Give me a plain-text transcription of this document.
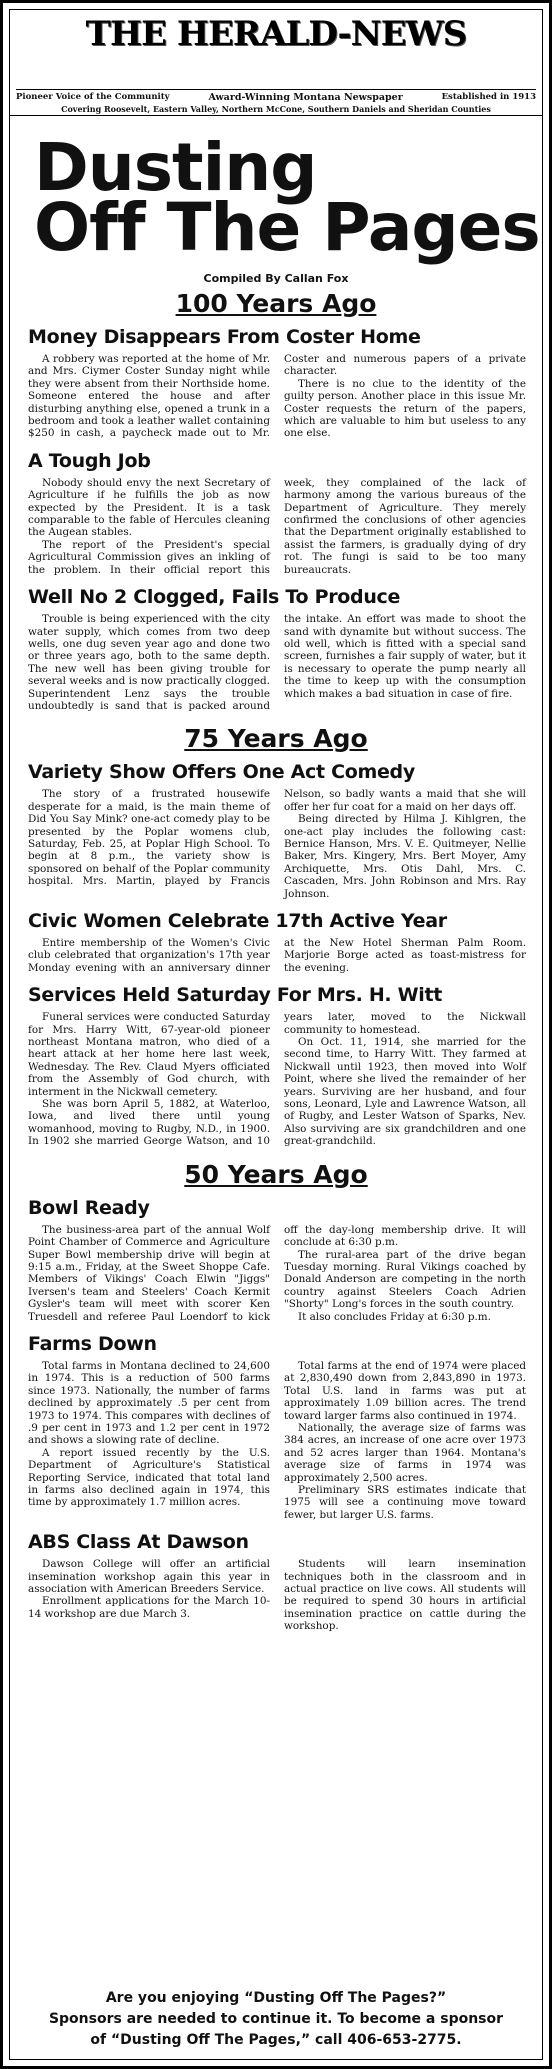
THE HERALD-NEWS
Pioneer Voice of the Community	Award-Winning Montana Newspaper	Established in 1913
Covering Roosevelt, Eastern Valley, Northern McCone, Southern Daniels and Sheridan Counties
Dusting
Off The Pages
Compiled By Callan Fox
100 Years Ago
Money Disappears From Coster Home

A robbery was reported at the home of Mr. and Mrs. Ciymer Coster Sunday night while they were absent from their Northside home. Someone entered the house and after disturbing anything else, opened a trunk in a bedroom and took a leather wallet containing $250 in cash, a paycheck made out to Mr. Coster and numerous papers of a private character.

There is no clue to the identity of the guilty person. Another place in this issue Mr. Coster requests the return of the papers, which are valuable to him but useless to any one else.

A Tough Job

Nobody should envy the next Secretary of Agriculture if he fulfills the job as now expected by the President. It is a task comparable to the fable of Hercules cleaning the Augean stables.

The report of the President's special Agricultural Commission gives an inkling of the problem. In their official report this week, they complained of the lack of harmony among the various bureaus of the Department of Agriculture. They merely confirmed the conclusions of other agencies that the Department originally established to assist the farmers, is gradually dying of dry rot. The fungi is said to be too many bureaucrats.

Well No 2 Clogged, Fails To Produce

Trouble is being experienced with the city water supply, which comes from two deep wells, one dug seven year ago and done two or three years ago, both to the same depth. The new well has been giving trouble for several weeks and is now practically clogged. Superintendent Lenz says the trouble undoubtedly is sand that is packed around the intake. An effort was made to shoot the sand with dynamite but without success. The old well, which is fitted with a special sand screen, furnishes a fair supply of water, but it is necessary to operate the pump nearly all the time to keep up with the consumption which makes a bad situation in case of fire.

75 Years Ago
Variety Show Offers One Act Comedy

The story of a frustrated housewife desperate for a maid, is the main theme of Did You Say Mink? one-act comedy play to be presented by the Poplar womens club, Saturday, Feb. 25, at Poplar High School. To begin at 8 p.m., the variety show is sponsored on behalf of the Poplar community hospital. Mrs. Martin, played by Francis Nelson, so badly wants a maid that she will offer her fur coat for a maid on her days off.

Being directed by Hilma J. Kihlgren, the one-act play includes the following cast: Bernice Hanson, Mrs. V. E. Quitmeyer, Nellie Baker, Mrs. Kingery, Mrs. Bert Moyer, Amy Archiquette, Mrs. Otis Dahl, Mrs. C. Cascaden, Mrs. John Robinson and Mrs. Ray Johnson.

Civic Women Celebrate 17th Active Year

Entire membership of the Women's Civic club celebrated that organization's 17th year Monday evening with an anniversary dinner at the New Hotel Sherman Palm Room. Marjorie Borge acted as toast-mistress for the evening.

Services Held Saturday For Mrs. H. Witt

Funeral services were conducted Saturday for Mrs. Harry Witt, 67-year-old pioneer northeast Montana matron, who died of a heart attack at her home here last week, Wednesday. The Rev. Claud Myers officiated from the Assembly of God church, with interment in the Nickwall cemetery.

She was born April 5, 1882, at Waterloo, Iowa, and lived there until young womanhood, moving to Rugby, N.D., in 1900. In 1902 she married George Watson, and 10 years later, moved to the Nickwall community to homestead.

On Oct. 11, 1914, she married for the second time, to Harry Witt. They farmed at Nickwall until 1923, then moved into Wolf Point, where she lived the remainder of her years. Surviving are her husband, and four sons, Leonard, Lyle and Lawrence Watson, all of Rugby, and Lester Watson of Sparks, Nev. Also surviving are six grandchildren and one great-grandchild.

50 Years Ago
Bowl Ready

The business-area part of the annual Wolf Point Chamber of Commerce and Agriculture Super Bowl membership drive will begin at 9:15 a.m., Friday, at the Sweet Shoppe Cafe. Members of Vikings' Coach Elwin "Jiggs" Iversen's team and Steelers' Coach Kermit Gysler's team will meet with scorer Ken Truesdell and referee Paul Loendorf to kick off the day-long membership drive. It will conclude at 6:30 p.m.

The rural-area part of the drive began Tuesday morning. Rural Vikings coached by Donald Anderson are competing in the north country against Steelers Coach Adrien "Shorty" Long's forces in the south country.

It also concludes Friday at 6:30 p.m.

Farms Down

Total farms in Montana declined to 24,600 in 1974. This is a reduction of 500 farms since 1973. Nationally, the number of farms declined by approximately .5 per cent from 1973 to 1974. This compares with declines of .9 per cent in 1973 and 1.2 per cent in 1972 and shows a slowing rate of decline.

A report issued recently by the U.S. Department of Agriculture's Statistical Reporting Service, indicated that total land in farms also declined again in 1974, this time by approximately 1.7 million acres.

Total farms at the end of 1974 were placed at 2,830,490 down from 2,843,890 in 1973. Total U.S. land in farms was put at approximately 1.09 billion acres. The trend toward larger farms also continued in 1974.

Nationally, the average size of farms was 384 acres, an increase of one acre over 1973 and 52 acres larger than 1964. Montana's average size of farms in 1974 was approximately 2,500 acres.

Preliminary SRS estimates indicate that 1975 will see a continuing move toward fewer, but larger U.S. farms.

ABS Class At Dawson

Dawson College will offer an artificial insemination workshop again this year in association with American Breeders Service.

Enrollment applications for the March 10-14 workshop are due March 3.

Students will learn insemination techniques both in the classroom and in actual practice on live cows. All students will be required to spend 30 hours in artificial insemination practice on cattle during the workshop.

Are you enjoying “Dusting Off The Pages?”
Sponsors are needed to continue it. To become a sponsor
of “Dusting Off The Pages,” call 406-653-2775.
